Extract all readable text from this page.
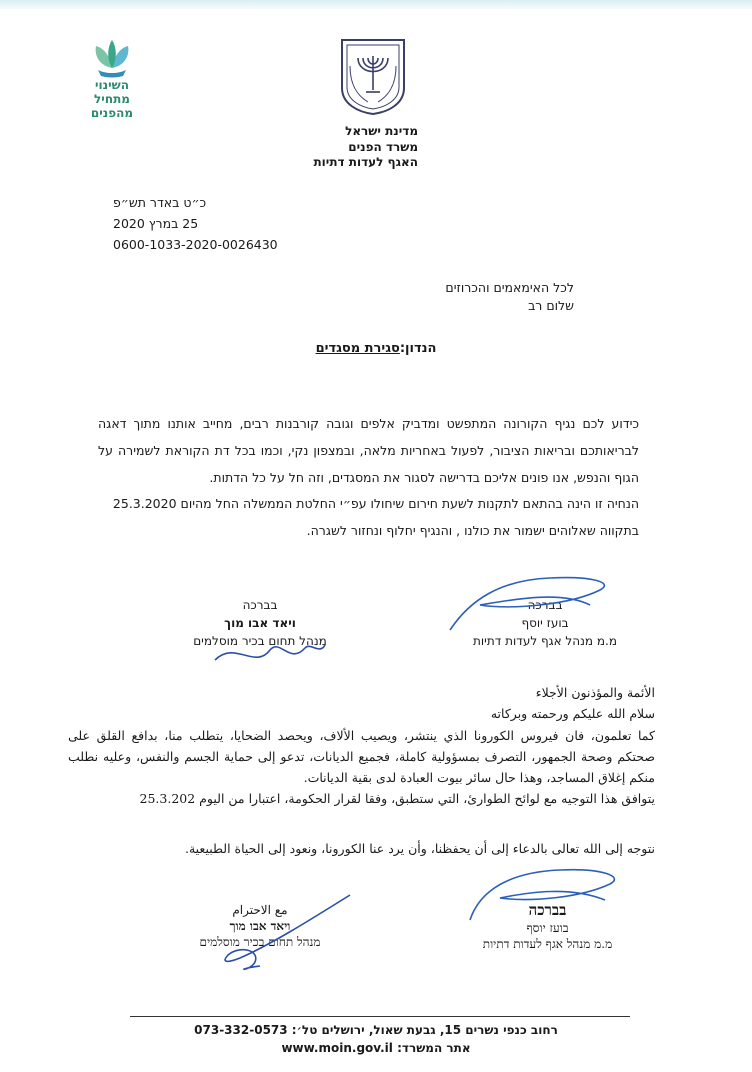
השינוי
מתחיל
מהפנים
מדינת ישראל
משרד הפנים
האגף לעדות דתיות
כ״ט באדר תש״פ
25 במרץ 2020
0600-1033-2020-0026430
לכל האימאמים והכרוזים
שלום רב
הנדון:סגירת מסגדים

כידוע לכם נגיף הקורונה המתפשט ומדביק אלפים וגובה קורבנות רבים, מחייב אותנו מתוך דאגה לבריאותכם ובריאות הציבור, לפעול באחריות מלאה, ובמצפון נקי, וכמו בכל דת הקוראת לשמירה על הגוף והנפש, אנו פונים אליכם בדרישה לסגור את המסגדים, וזה חל על כל הדתות.

הנחיה זו הינה בהתאם לתקנות לשעת חירום שיחולו עפ״י החלטת הממשלה החל מהיום 25.3.2020

בתקווה שאלוהים ישמור את כולנו , והנגיף יחלוף ונחזור לשגרה.

בברכה
בועז יוסף
מ.מ מנהל אגף לעדות דתיות
בברכה
ויאד אבו מוך
מנהל תחום בכיר מוסלמים

الأئمة والمؤذنون الأجلاء

سلام الله عليكم ورحمته وبركاته

كما تعلمون، فان فيروس الكورونا الذي ينتشر، ويصيب الألاف، ويحصد الضحايا، يتطلب منا، بدافع القلق على صحتكم وصحة الجمهور، التصرف بمسؤولية كاملة، فجميع الديانات، تدعو إلى حماية الجسم والنفس، وعليه نطلب منكم إغلاق المساجد، وهذا حال سائر بيوت العبادة لدى بقية الديانات.

يتوافق هذا التوجيه مع لوائح الطوارئ، التي ستطبق، وفقا لقرار الحكومة، اعتبارا من اليوم 25.3.202

نتوجه إلى الله تعالى بالدعاء إلى أن يحفظنا، وأن يرد عنا الكورونا، ونعود إلى الحياة الطبيعية.

בברכה
בועז יוסף
מ.מ מנהל אגף לעדות דתיות
مع الاحترام
ויאד אבו מוך
מנהל תחום בכיר מוסלמים
רחוב כנפי נשרים 15, גבעת שאול, ירושלים טל׳: 073-332-0573
אתר המשרד: www.moin.gov.il
